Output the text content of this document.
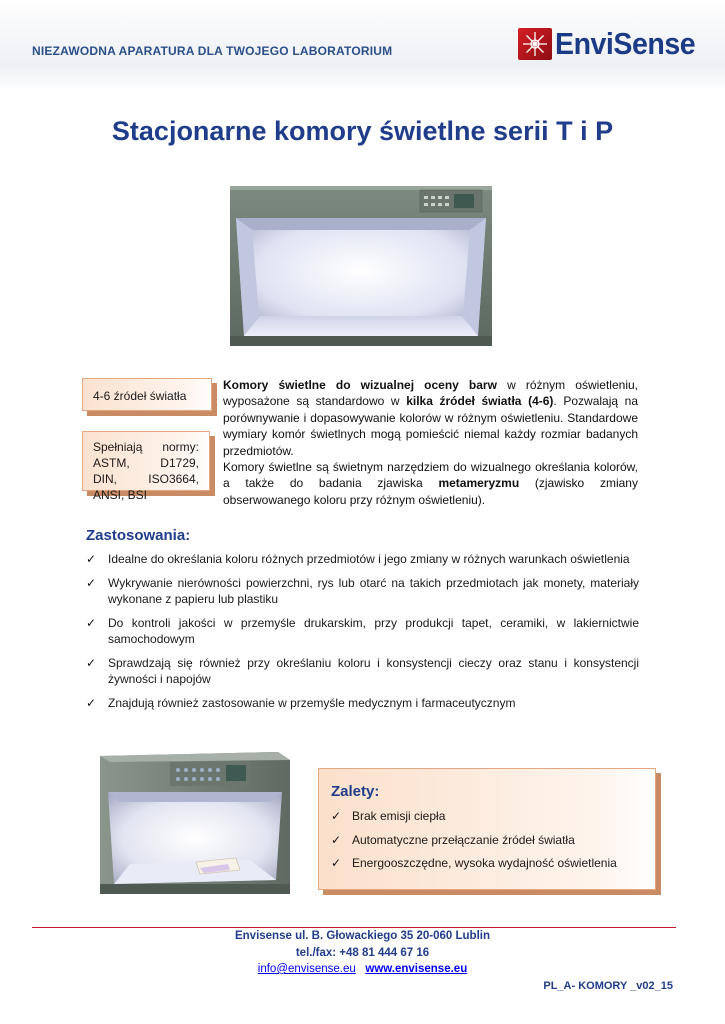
NIEZAWODNA APARATURA DLA TWOJEGO LABORATORIUM	EnviSense
Stacjonarne komory świetlne serii T i P
4-6 źródeł światła
Spełniają normy: ASTM, D1729, DIN, ISO3664, ANSI, BSI

Komory świetlne do wizualnej oceny barw w różnym oświetleniu, wyposażone są standardowo w kilka źródeł światła (4-6). Pozwalają na porównywanie i dopasowywanie kolorów w różnym oświetleniu. Standardowe wymiary komór świetlnych mogą pomieścić niemal każdy rozmiar badanych przedmiotów.

Komory świetlne są świetnym narzędziem do wizualnego określania kolorów, a także do badania zjawiska metameryzmu (zjawisko zmiany obserwowanego koloru przy różnym oświetleniu).

Zastosowania:
✓ Idealne do określania koloru różnych przedmiotów i jego zmiany w różnych warunkach oświetlenia
✓ Wykrywanie nierówności powierzchni, rys lub otarć na takich przedmiotach jak monety, materiały wykonane z papieru lub plastiku
✓ Do kontroli jakości w przemyśle drukarskim, przy produkcji tapet, ceramiki, w lakiernictwie samochodowym
✓ Sprawdzają się również przy określaniu koloru i konsystencji cieczy oraz stanu i konsystencji żywności i napojów
✓ Znajdują również zastosowanie w przemyśle medycznym i farmaceutycznym
Zalety:
✓ Brak emisji ciepła
✓ Automatyczne przełączanie źródeł światła
✓ Energooszczędne, wysoka wydajność oświetlenia
Envisense ul. B. Głowackiego 35 20-060 Lublin
tel./fax: +48 81 444 67 16
info@envisense.eu www.envisense.eu
PL_A- KOMORY _v02_15
